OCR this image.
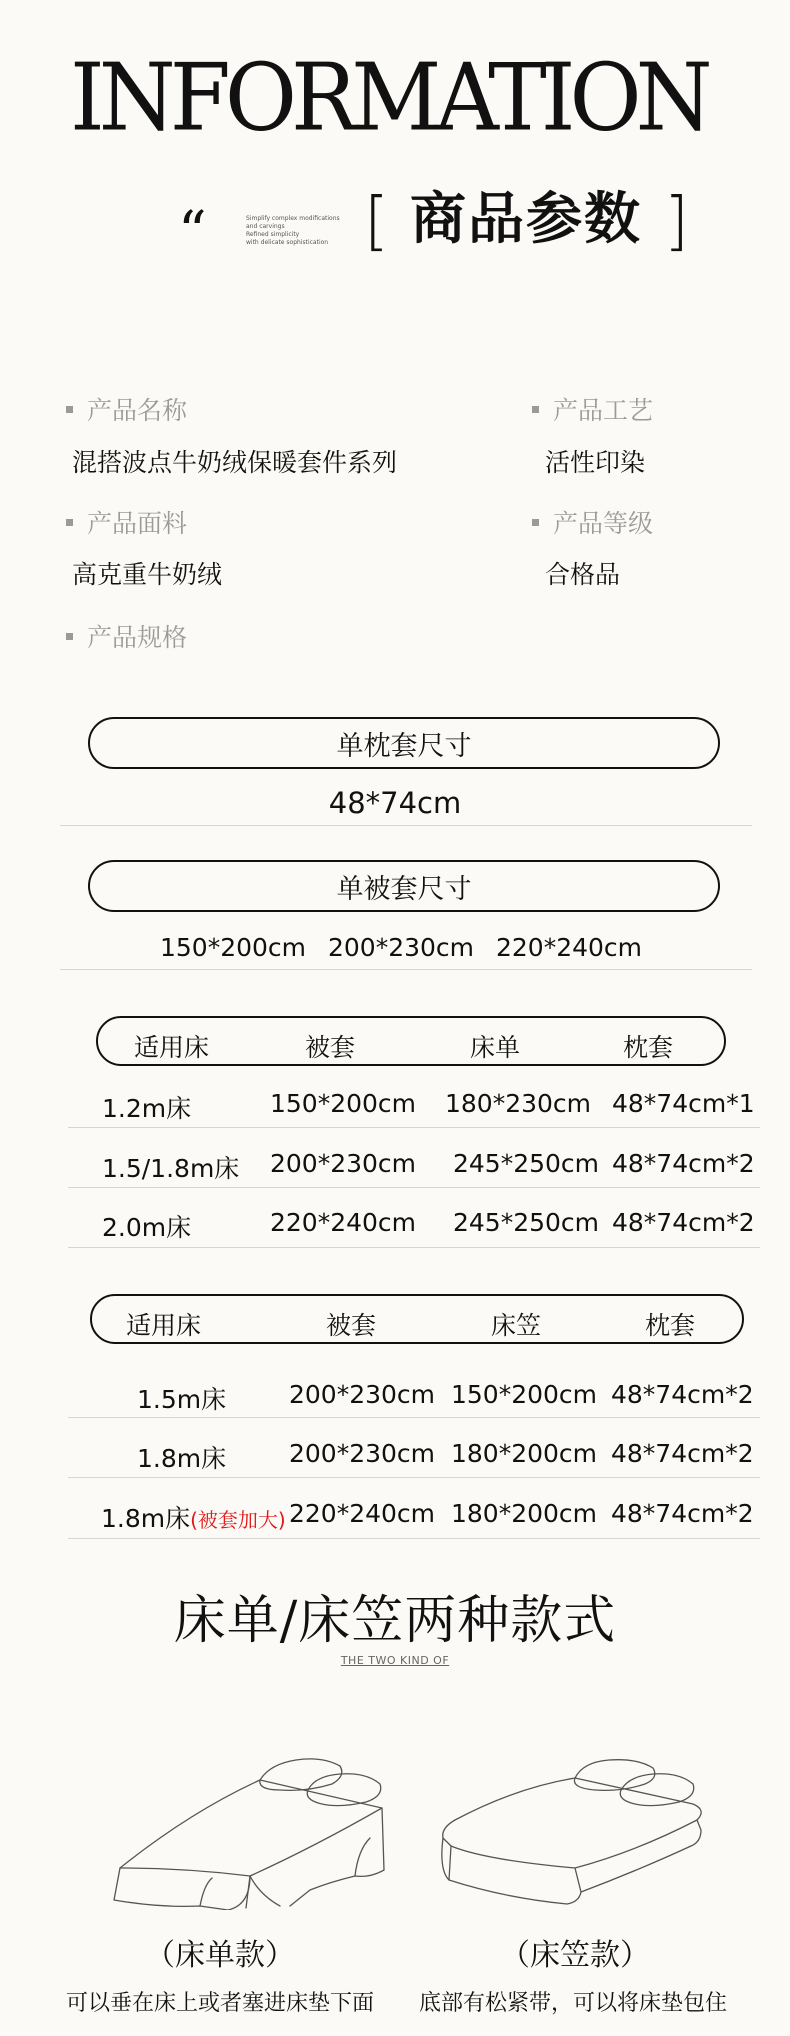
INFORMATION
“	Simplify complex modifications
and carvings
Refined simplicity
with delicate sophistication [ 商品参数 ]
产品名称
混搭波点牛奶绒保暖套件系列
产品工艺
活性印染
产品面料
高克重牛奶绒
产品等级
合格品
产品规格
单枕套尺寸
48*74cm
单被套尺寸
150*200cm 200*230cm 220*240cm
适用床	被套	床单	枕套
1.2m床	150*200cm 180*230cm 48*74cm*1
1.5/1.8m床 200*230cm 245*250cm 48*74cm*2
2.0m床	220*240cm 245*250cm 48*74cm*2
适用床	被套	床笠	枕套
1.5m床	200*230cm 150*200cm 48*74cm*2
1.8m床	200*230cm 180*200cm 48*74cm*2
1.8m床(被套加大) 220*240cm 180*200cm 48*74cm*2
床单/床笠两种款式
THE TWO KIND OF
（床单款）
可以垂在床上或者塞进床垫下面
（床笠款）
底部有松紧带，可以将床垫包住
